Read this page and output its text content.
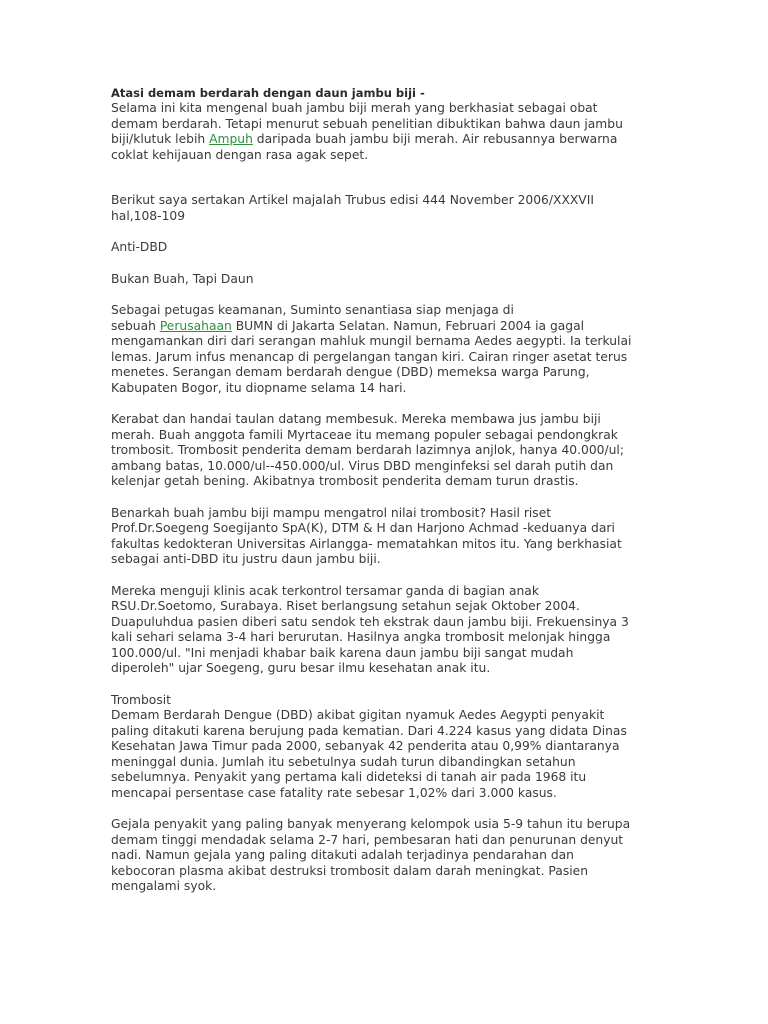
Atasi demam berdarah dengan daun jambu biji -
Selama ini kita mengenal buah jambu biji merah yang berkhasiat sebagai obat
demam berdarah. Tetapi menurut sebuah penelitian dibuktikan bahwa daun jambu
biji/klutuk lebih Ampuh daripada buah jambu biji merah. Air rebusannya berwarna
coklat kehijauan dengan rasa agak sepet.
Berikut saya sertakan Artikel majalah Trubus edisi 444 November 2006/XXXVII
hal,108-109
Anti-DBD
Bukan Buah, Tapi Daun
Sebagai petugas keamanan, Suminto senantiasa siap menjaga di
sebuah Perusahaan BUMN di Jakarta Selatan. Namun, Februari 2004 ia gagal
mengamankan diri dari serangan mahluk mungil bernama Aedes aegypti. Ia terkulai
lemas. Jarum infus menancap di pergelangan tangan kiri. Cairan ringer asetat terus
menetes. Serangan demam berdarah dengue (DBD) memeksa warga Parung,
Kabupaten Bogor, itu diopname selama 14 hari.
Kerabat dan handai taulan datang membesuk. Mereka membawa jus jambu biji
merah. Buah anggota famili Myrtaceae itu memang populer sebagai pendongkrak
trombosit. Trombosit penderita demam berdarah lazimnya anjlok, hanya 40.000/ul;
ambang batas, 10.000/ul--450.000/ul. Virus DBD menginfeksi sel darah putih dan
kelenjar getah bening. Akibatnya trombosit penderita demam turun drastis.
Benarkah buah jambu biji mampu mengatrol nilai trombosit? Hasil riset
Prof.Dr.Soegeng Soegijanto SpA(K), DTM & H dan Harjono Achmad -keduanya dari
fakultas kedokteran Universitas Airlangga- mematahkan mitos itu. Yang berkhasiat
sebagai anti-DBD itu justru daun jambu biji.
Mereka menguji klinis acak terkontrol tersamar ganda di bagian anak
RSU.Dr.Soetomo, Surabaya. Riset berlangsung setahun sejak Oktober 2004.
Duapuluhdua pasien diberi satu sendok teh ekstrak daun jambu biji. Frekuensinya 3
kali sehari selama 3-4 hari berurutan. Hasilnya angka trombosit melonjak hingga
100.000/ul. "Ini menjadi khabar baik karena daun jambu biji sangat mudah
diperoleh" ujar Soegeng, guru besar ilmu kesehatan anak itu.
Trombosit
Demam Berdarah Dengue (DBD) akibat gigitan nyamuk Aedes Aegypti penyakit
paling ditakuti karena berujung pada kematian. Dari 4.224 kasus yang didata Dinas
Kesehatan Jawa Timur pada 2000, sebanyak 42 penderita atau 0,99% diantaranya
meninggal dunia. Jumlah itu sebetulnya sudah turun dibandingkan setahun
sebelumnya. Penyakit yang pertama kali dideteksi di tanah air pada 1968 itu
mencapai persentase case fatality rate sebesar 1,02% dari 3.000 kasus.
Gejala penyakit yang paling banyak menyerang kelompok usia 5-9 tahun itu berupa
demam tinggi mendadak selama 2-7 hari, pembesaran hati dan penurunan denyut
nadi. Namun gejala yang paling ditakuti adalah terjadinya pendarahan dan
kebocoran plasma akibat destruksi trombosit dalam darah meningkat. Pasien
mengalami syok.
